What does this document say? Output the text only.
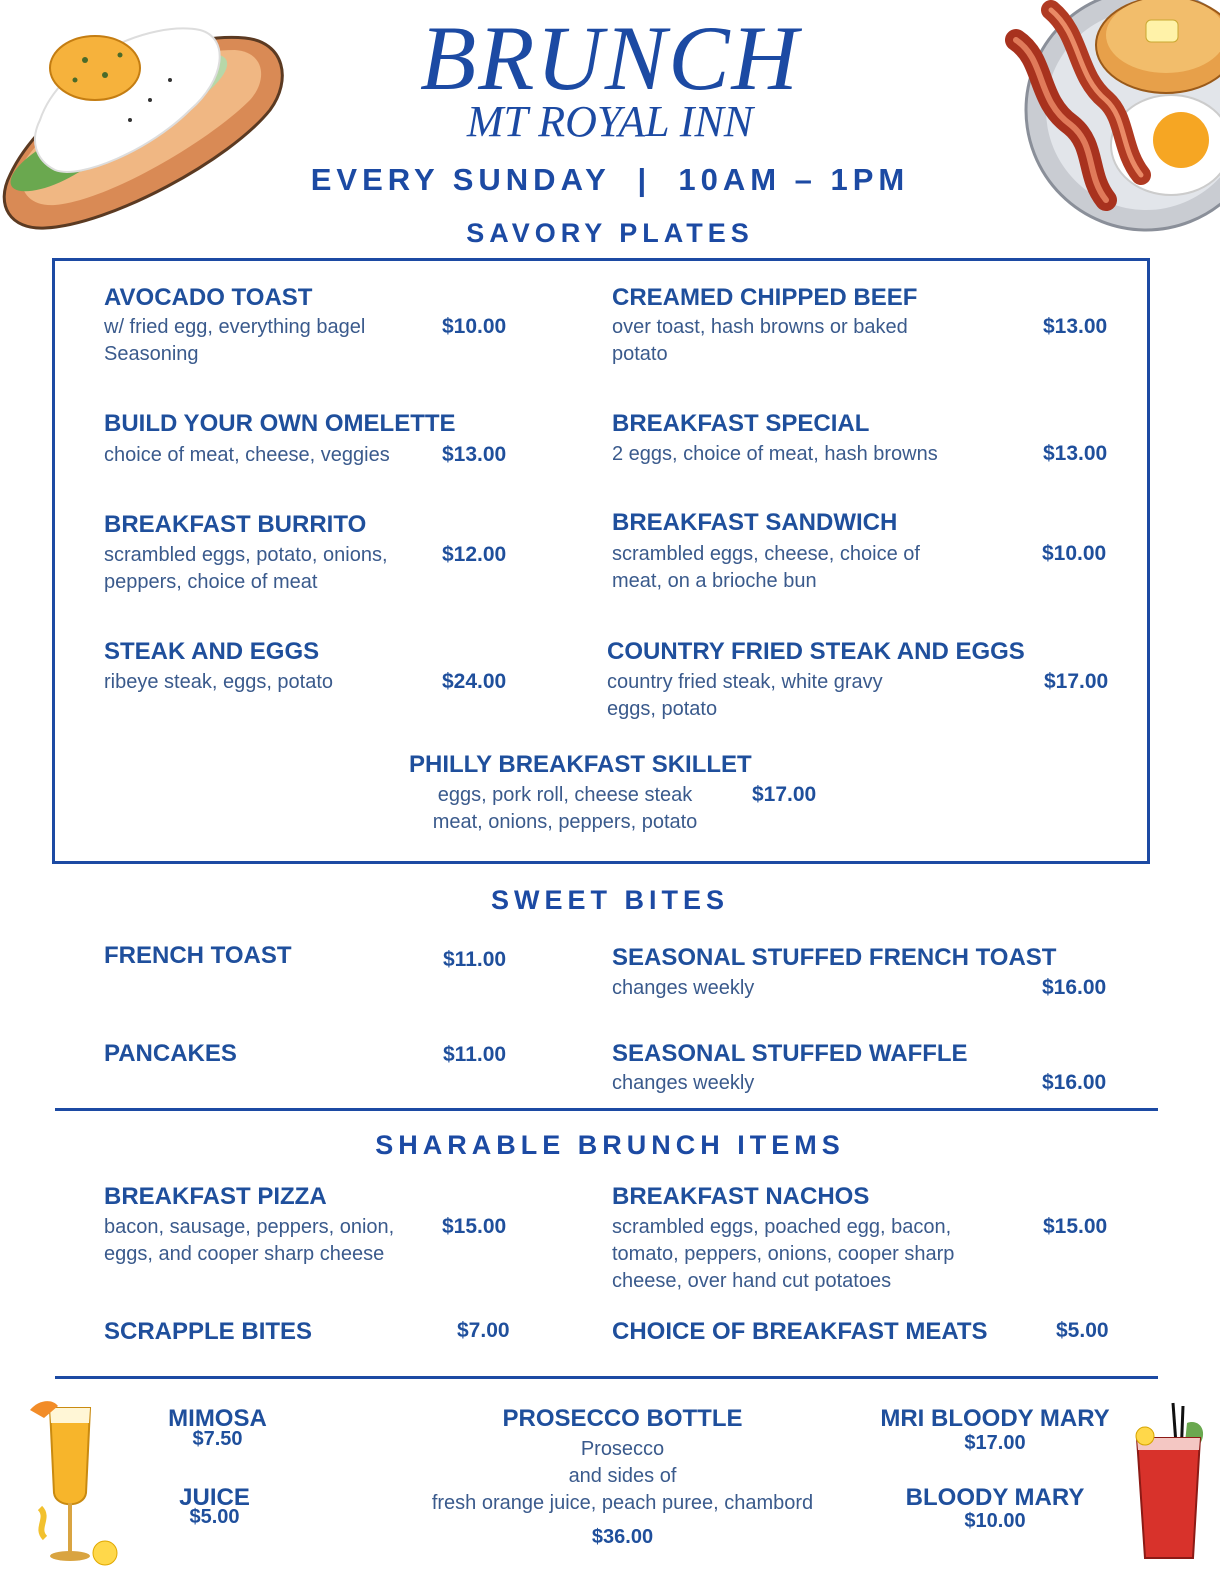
BRUNCH
MT ROYAL INN
EVERY SUNDAY  |  10AM – 1PM
SAVORY PLATES
AVOCADO TOAST
w/ fried egg, everything bagel
Seasoning
$10.00
CREAMED CHIPPED BEEF
over toast, hash browns or baked
potato
$13.00
BUILD YOUR OWN OMELETTE
choice of meat, cheese, veggies $13.00
BREAKFAST SPECIAL
2 eggs, choice of meat, hash browns	$13.00
BREAKFAST BURRITO
scrambled eggs, potato, onions,
peppers, choice of meat
$12.00
BREAKFAST SANDWICH
scrambled eggs, cheese, choice of
meat, on a brioche bun
$10.00
STEAK AND EGGS
ribeye steak, eggs, potato	$24.00
COUNTRY FRIED STEAK AND EGGS
country fried steak, white gravy
eggs, potato
$17.00
PHILLY BREAKFAST SKILLET
eggs, pork roll, cheese steak
meat, onions, peppers, potato
$17.00
SWEET BITES
FRENCH TOAST	$11.00	SEASONAL STUFFED FRENCH TOAST
changes weekly	$16.00
PANCAKES	$11.00	SEASONAL STUFFED WAFFLE
changes weekly	$16.00
SHARABLE BRUNCH ITEMS
BREAKFAST PIZZA
bacon, sausage, peppers, onion,
eggs, and cooper sharp cheese
$15.00
BREAKFAST NACHOS
scrambled eggs, poached egg, bacon,
tomato, peppers, onions, cooper sharp
cheese, over hand cut potatoes
$15.00
SCRAPPLE BITES	$7.00	CHOICE OF BREAKFAST MEATS	$5.00
MIMOSA
$7.50
JUICE
$5.00
PROSECCO BOTTLE
Prosecco
and sides of
fresh orange juice, peach puree, chambord
$36.00
MRI BLOODY MARY
$17.00
BLOODY MARY
$10.00
